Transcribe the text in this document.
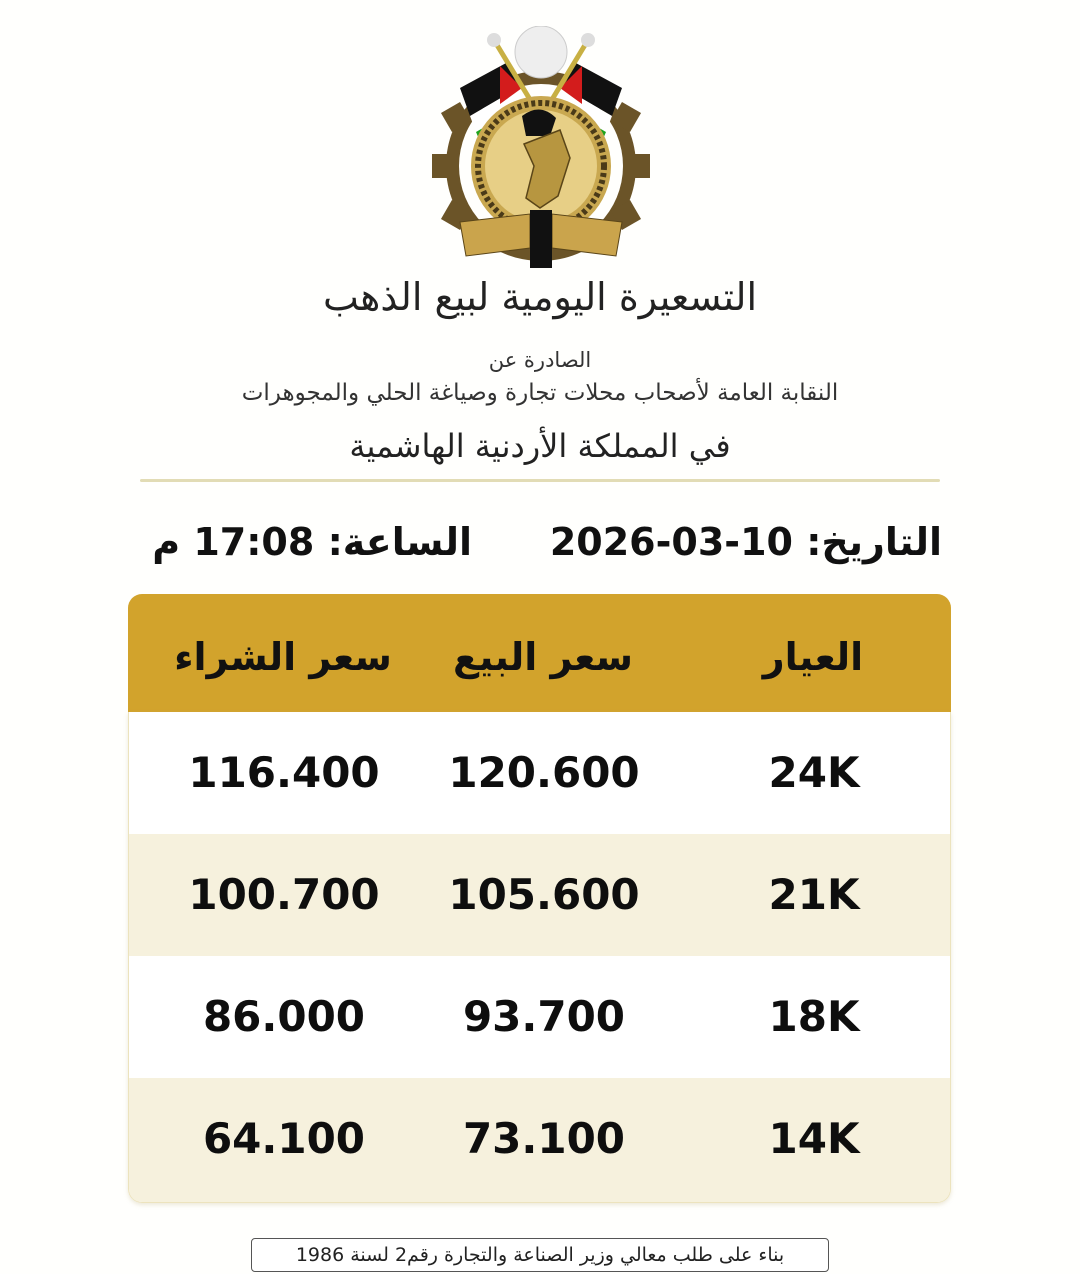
التسعيرة اليومية لبيع الذهب
الصادرة عن
النقابة العامة لأصحاب محلات تجارة وصياغة الحلي والمجوهرات
في المملكة الأردنية الهاشمية
التاريخ: 10-03-2026
الساعة: 17:08 م
العيار
سعر البيع
سعر الشراء
24K
120.600
116.400
21K
105.600
100.700
18K
93.700
86.000
14K
73.100
64.100
بناء على طلب معالي وزير الصناعة والتجارة رقم2 لسنة 1986
